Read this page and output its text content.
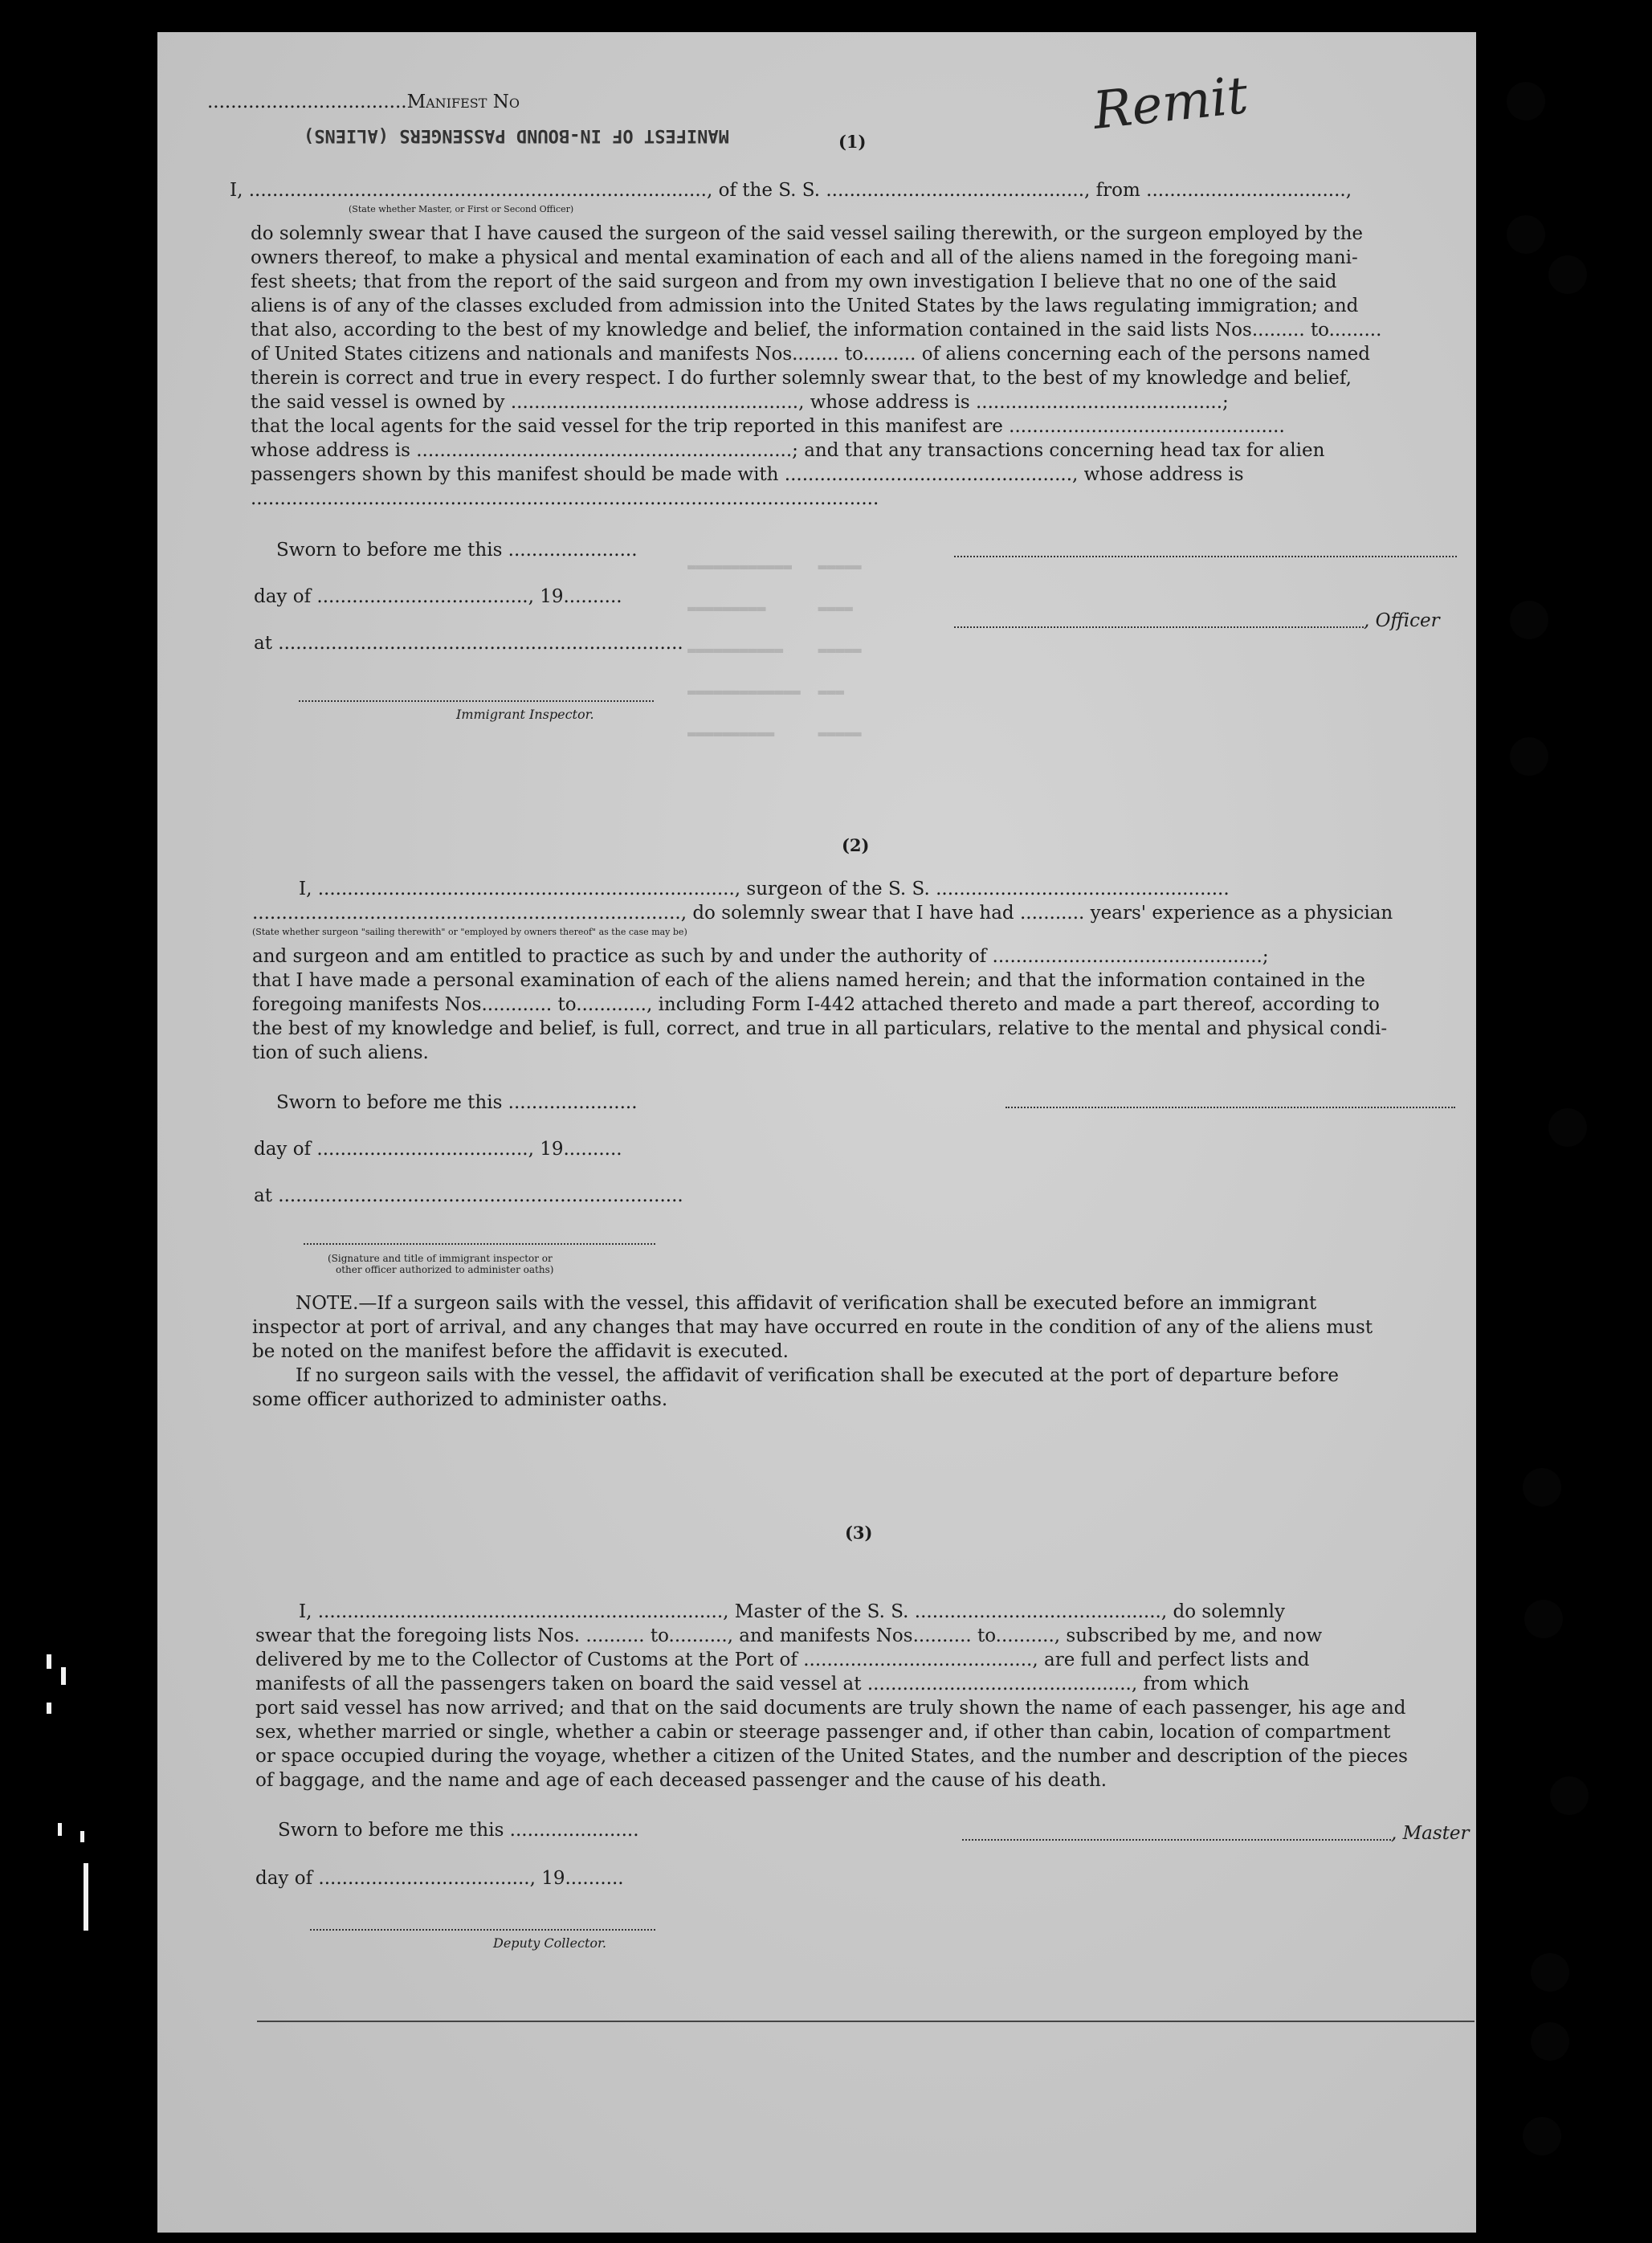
..................................Manifest No
MANIFEST OF IN-BOUND PASSENGERS (ALIENS)	Remit
(1)
I, .............................................................................., of the S. S. ............................................, from ..................................,
(State whether Master, or First or Second Officer)
do solemnly swear that I have caused the surgeon of the said vessel sailing therewith, or the surgeon employed by the
owners thereof, to make a physical and mental examination of each and all of the aliens named in the foregoing mani-
fest sheets; that from the report of the said surgeon and from my own investigation I believe that no one of the said
aliens is of any of the classes excluded from admission into the United States by the laws regulating immigration; and
that also, according to the best of my knowledge and belief, the information contained in the said lists Nos......... to.........
of United States citizens and nationals and manifests Nos........ to......... of aliens concerning each of the persons named
therein is correct and true in every respect. I do further solemnly swear that, to the best of my knowledge and belief,
the said vessel is owned by ................................................., whose address is ..........................................;
that the local agents for the said vessel for the trip reported in this manifest are ...............................................
whose address is ................................................................; and that any transactions concerning head tax for alien
passengers shown by this manifest should be made with ................................................., whose address is
...........................................................................................................
Sworn to before me this ......................
day of ...................................., 19..........
at .....................................................................
, Officer
Immigrant Inspector.
(2)
I, ......................................................................., surgeon of the S. S. ..................................................
........................................................................., do solemnly swear that I have had ........... years' experience as a physician
(State whether surgeon "sailing therewith" or "employed by owners thereof" as the case may be)
and surgeon and am entitled to practice as such by and under the authority of ..............................................;
that I have made a personal examination of each of the aliens named herein; and that the information contained in the
foregoing manifests Nos............ to............, including Form I-442 attached thereto and made a part thereof, according to
the best of my knowledge and belief, is full, correct, and true in all particulars, relative to the mental and physical condi-
tion of such aliens.
Sworn to before me this ......................
day of ...................................., 19..........
at .....................................................................
(Signature and title of immigrant inspector or
other officer authorized to administer oaths)
NOTE.—If a surgeon sails with the vessel, this affidavit of verification shall be executed before an immigrant
inspector at port of arrival, and any changes that may have occurred en route in the condition of any of the aliens must
be noted on the manifest before the affidavit is executed.
If no surgeon sails with the vessel, the affidavit of verification shall be executed at the port of departure before
some officer authorized to administer oaths.
(3)
I, ....................................................................., Master of the S. S. .........................................., do solemnly
swear that the foregoing lists Nos. .......... to.........., and manifests Nos.......... to.........., subscribed by me, and now
delivered by me to the Collector of Customs at the Port of ......................................., are full and perfect lists and
manifests of all the passengers taken on board the said vessel at ............................................., from which
port said vessel has now arrived; and that on the said documents are truly shown the name of each passenger, his age and
sex, whether married or single, whether a cabin or steerage passenger and, if other than cabin, location of compartment
or space occupied during the voyage, whether a citizen of the United States, and the number and description of the pieces
of baggage, and the name and age of each deceased passenger and the cause of his death.
Sworn to before me this ......................
day of ...................................., 19..........
, Master
Deputy Collector.
▬▬▬▬▬▬▬▬▬▬▬▬   ▬▬▬▬▬
▬▬▬▬▬▬▬▬▬      ▬▬▬▬
▬▬▬▬▬▬▬▬▬▬▬    ▬▬▬▬▬
▬▬▬▬▬▬▬▬▬▬▬▬▬  ▬▬▬
▬▬▬▬▬▬▬▬▬▬     ▬▬▬▬▬
